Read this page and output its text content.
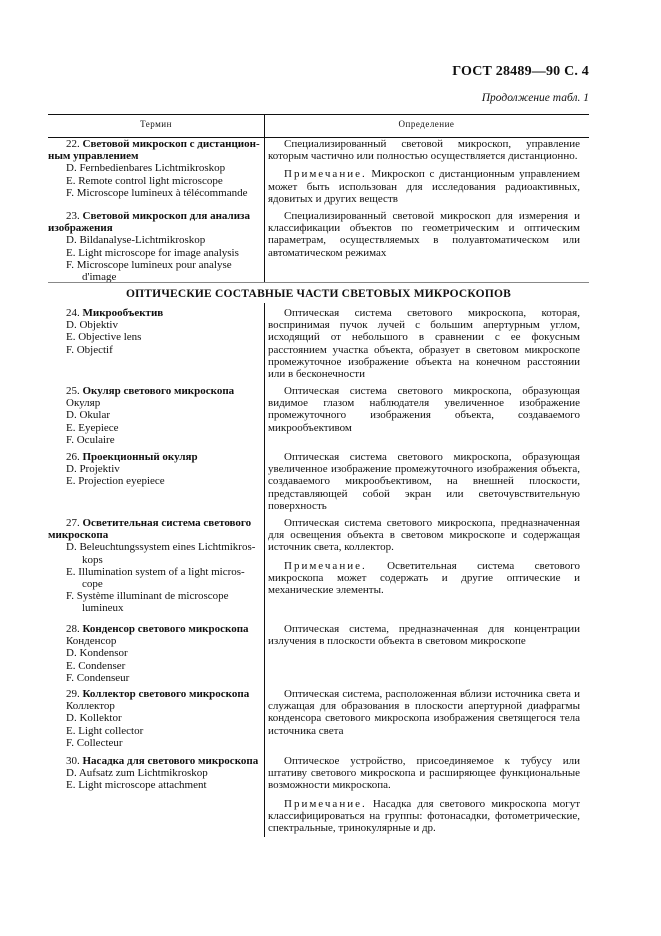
ГОСТ 28489—90 С. 4
Продолжение табл. 1
Термин	Определение
22. Световой микроскоп с дистанцион-
ным управлением
D. Fernbedienbares Lichtmikroskop
E. Remote control light microscope
F. Microscope lumineux à télécommande

Специализированный световой микроскоп, управление которым частично или полностью осуществляется дистанционно.

Примечание. Микроскоп с дистанционным управлением может быть использован для исследования радиоактивных, ядовитых и других веществ

23. Световой микроскоп для анализа
изображения
D. Bildanalyse-Lichtmikroskop
E. Light microscope for image analysis
F. Microscope lumineux pour analyse
d'image

Специализированный световой микроскоп для измерения и классификации объектов по геометрическим и оптическим параметрам, осуществляемых в полуавтоматическом или автоматическом режимах

ОПТИЧЕСКИЕ СОСТАВНЫЕ ЧАСТИ СВЕТОВЫХ МИКРОСКОПОВ
24. Микрообъектив
D. Objektiv
E. Objective lens
F. Objectif

Оптическая система светового микроскопа, которая, воспринимая пучок лучей с большим апертурным углом, исходящий от небольшого в сравнении с ее фокусным расстоянием участка объекта, образует в световом микроскопе промежуточное изображение объекта на конечном расстоянии или в бесконечности

25. Окуляр светового микроскопа
Окуляр
D. Okular
E. Eyepiece
F. Oculaire

Оптическая система светового микроскопа, образующая видимое глазом наблюдателя увеличенное изображение промежуточного изображения объекта, создаваемого микрообъективом

26. Проекционный окуляр
D. Projektiv
E. Projection eyepiece

Оптическая система светового микроскопа, образующая увеличенное изображение промежуточного изображения объекта, создаваемого микрообъективом, на внешней плоскости, представляющей собой экран или светочувствительную поверхность

27. Осветительная система светового
микроскопа
D. Beleuchtungssystem eines Lichtmikros-
kops
E. Illumination system of a light micros-
cope
F. Système illuminant de microscope
lumineux

Оптическая система светового микроскопа, предназначенная для освещения объекта в световом микроскопе и содержащая источник света, коллектор.

Примечание. Осветительная система светового микроскопа может содержать и другие оптические и механические элементы.

28. Конденсор светового микроскопа
Конденсор
D. Kondensor
E. Condenser
F. Condenseur

Оптическая система, предназначенная для концентрации излучения в плоскости объекта в световом микроскопе

29. Коллектор светового микроскопа
Коллектор
D. Kollektor
E. Light collector
F. Collecteur

Оптическая система, расположенная вблизи источника света и служащая для образования в плоскости апертурной диафрагмы конденсора светового микроскопа изображения светящегося тела источника света

30. Насадка для светового микроскопа
D. Aufsatz zum Lichtmikroskop
E. Light microscope attachment

Оптическое устройство, присоединяемое к тубусу или штативу светового микроскопа и расширяющее функциональные возможности микроскопа.

Примечание. Насадка для светового микроскопа могут классифицироваться на группы: фотонасадки, фотометрические, спектральные, тринокулярные и др.
